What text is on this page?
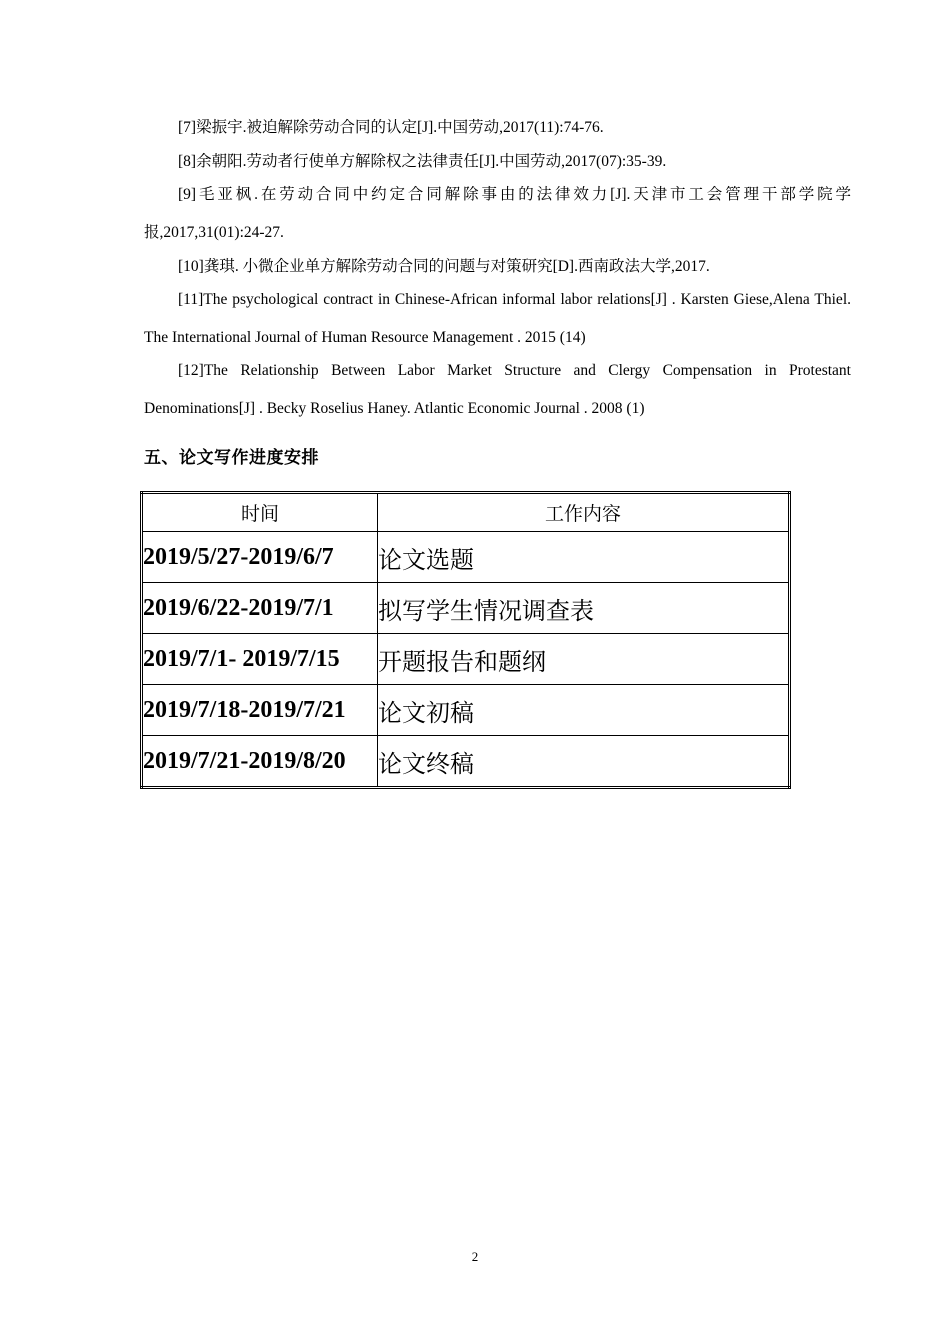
[7]梁振宇.被迫解除劳动合同的认定[J].中国劳动,2017(11):74-76.

[8]余朝阳.劳动者行使单方解除权之法律责任[J].中国劳动,2017(07):35-39.

[9]毛亚枫.在劳动合同中约定合同解除事由的法律效力[J].天津市工会管理干部学院学报,2017,31(01):24-27.

[10]龚琪. 小微企业单方解除劳动合同的问题与对策研究[D].西南政法大学,2017.

[11]The psychological contract in Chinese-African informal labor relations[J] . Karsten Giese,Alena Thiel. The International Journal of Human Resource Management . 2015 (14)

[12]The Relationship Between Labor Market Structure and Clergy Compensation in Protestant Denominations[J] . Becky Roselius Haney. Atlantic Economic Journal . 2008 (1)

五、论文写作进度安排
时间	工作内容
2019/5/27-2019/6/7	论文选题
2019/6/22-2019/7/1	拟写学生情况调查表
2019/7/1- 2019/7/15	开题报告和题纲
2019/7/18-2019/7/21	论文初稿
2019/7/21-2019/8/20	论文终稿
2
